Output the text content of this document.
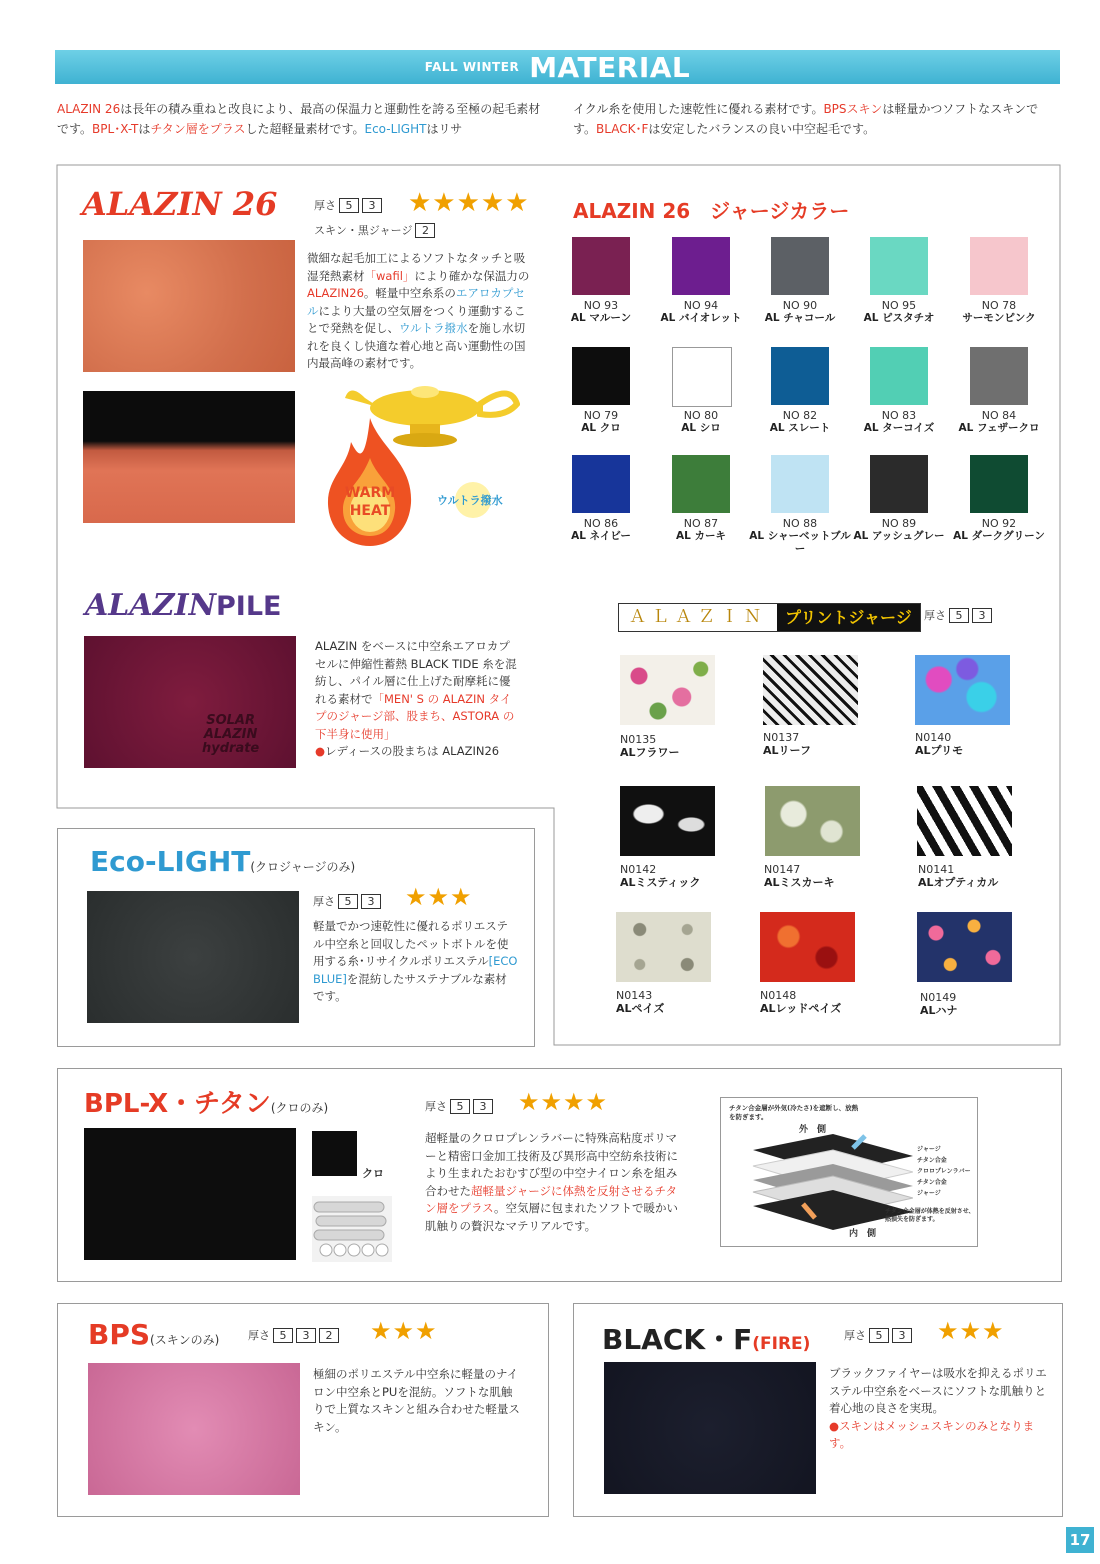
FALL WINTER MATERIAL
ALAZIN 26は長年の積み重ねと改良により、最高の保温力と運動性を誇る至極の起毛素材です。BPL･X-Tはチタン層をプラスした超軽量素材です。Eco-LIGHTはリサ
イクル糸を使用した速乾性に優れる素材です。BPSスキンは軽量かつソフトなスキンです。BLACK･Fは安定したバランスの良い中空起毛です。
ALAZIN 26	厚さ 5	3 ★★★★★
スキン・黒ジャージ 2
微細な起毛加工によるソフトなタッチと吸湿発熱素材「wafil」により確かな保温力のALAZIN26。軽量中空糸系のエアロカプセルにより大量の空気層をつくり運動することで発熱を促し、ウルトラ撥水を施し水切れを良くし快適な着心地と高い運動性の国内最高峰の素材です。
WARM
HEAT
ウルトラ撥水
ALAZIN 26　ジャージカラー
NO 93
AL マルーン
NO 94
AL バイオレット
NO 90
AL チャコール
NO 95
AL ピスタチオ
NO 78
サーモンピンク
NO 79
AL クロ
NO 80
AL シロ
NO 82
AL スレート
NO 83
AL ターコイズ
NO 84
AL フェザークロ
NO 86
AL ネイビー
NO 87
AL カーキ
NO 88
AL シャーベットブルー
NO 89
AL アッシュグレー
NO 92
AL ダークグリーン
ALAZINPILE
SOLAR
ALAZIN
hydrate
ALAZIN をベースに中空糸エアロカプセルに伸縮性蓄熱 BLACK TIDE 糸を混紡し、パイル層に仕上げた耐摩耗に優れる素材で「MEN' S の ALAZIN タイプのジャージ部、股まち、ASTORA の下半身に使用」
●レディースの股まちは ALAZIN26
ＡＬＡＺＩＮ	プリントジャージ	厚さ 5	3
N0135
ALフラワー
N0137
ALリーフ
N0140
ALプリモ
N0142
ALミスティック
N0147
ALミスカーキ
N0141
ALオプティカル
N0143
ALペイズ
N0148
ALレッドペイズ
N0149
ALハナ
Eco-LIGHT(クロジャージのみ)
厚さ 5	3 ★★★
軽量でかつ速乾性に優れるポリエステル中空糸と回収したペットボトルを使用する糸･リサイクルポリエステル[ECO BLUE]を混紡したサステナブルな素材です。
BPL-X・チタン(クロのみ)
クロ
厚さ 5	3 ★★★★
超軽量のクロロプレンラバーに特殊高粘度ポリマーと精密口金加工技術及び異形高中空紡糸技術により生まれたおむすび型の中空ナイロン糸を組み合わせた超軽量ジャージに体熱を反射させるチタン層をプラス。空気層に包まれたソフトで暖かい肌触りの贅沢なマテリアルです。
チタン合金層が外気(冷たさ)を遮断し、放熱を防ぎます。
外　側
ジャージ
チタン合金
クロロプレンラバー
チタン合金
ジャージ
チタン合金層が体熱を反射させ、熱損失を防ぎます。
内　側
BPS(スキンのみ)	厚さ 5	3	2 ★★★
極細のポリエステル中空糸に軽量のナイロン中空糸とPUを混紡。ソフトな肌触りで上質なスキンと組み合わせた軽量スキン。
BLACK・F(FIRE)	厚さ 5	3 ★★★
ブラックファイヤーは吸水を抑えるポリエステル中空糸をベースにソフトな肌触りと着心地の良さを実現。
●スキンはメッシュスキンのみとなります。
17
